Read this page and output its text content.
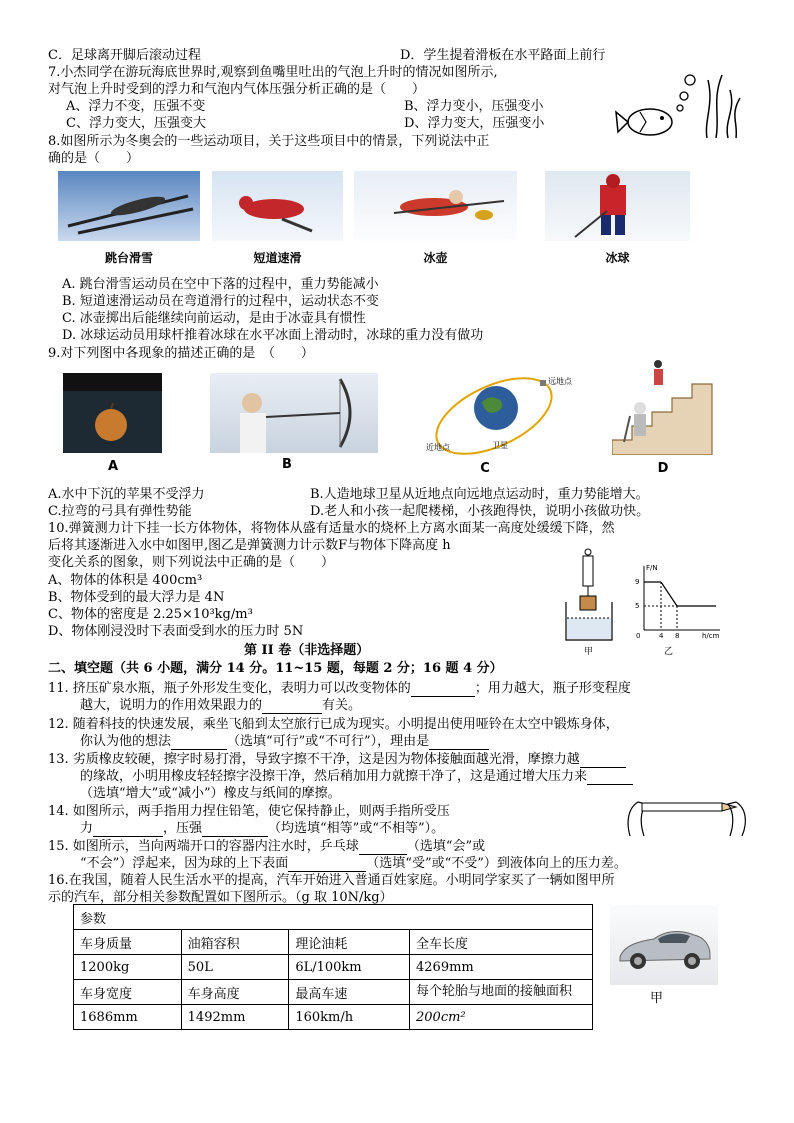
C．足球离开脚后滚动过程	D．学生提着滑板在水平路面上前行
7.小杰同学在游玩海底世界时,观察到鱼嘴里吐出的气泡上升时的情况如图所示,
对气泡上升时受到的浮力和气泡内气体压强分析正确的是（　　）
A、浮力不变，压强不变	B、浮力变小，压强变小
C、浮力变大，压强变大	D、浮力变大，压强变小
8.如图所示为冬奥会的一些运动项目，关于这些项目中的情景，下列说法中正
确的是（　　）
跳台滑雪	短道速滑	冰壶	冰球
A. 跳台滑雪运动员在空中下落的过程中，重力势能减小
B. 短道速滑运动员在弯道滑行的过程中，运动状态不变
C. 冰壶掷出后能继续向前运动，是由于冰壶具有惯性
D. 冰球运动员用球杆推着冰球在水平冰面上滑动时，冰球的重力没有做功
9.对下列图中各现象的描述正确的是　（　　）
远地点
近地点	卫星
A	B	C	D
A.水中下沉的苹果不受浮力	B.人造地球卫星从近地点向远地点运动时，重力势能增大。
C.拉弯的弓具有弹性势能	D.老人和小孩一起爬楼梯，小孩跑得快，说明小孩做功快。
10.弹簧测力计下挂一长方体物体，将物体从盛有适量水的烧杯上方离水面某一高度处缓缓下降，然
后将其逐渐进入水中如图甲,图乙是弹簧测力计示数F与物体下降高度 h
变化关系的图象，则下列说法中正确的是（　　）
A、物体的体积是 400cm³
B、物体受到的最大浮力是 4N
C、物体的密度是 2.25×10³kg/m³
D、物体刚浸没时下表面受到水的压力时 5N
甲
F/N
h/cm
9
5
0	4 8
乙
第 II 卷（非选择题）
二、填空题（共 6 小题，满分 14 分。11~15 题，每题 2 分；16 题 4 分）
11. 挤压矿泉水瓶，瓶子外形发生变化，表明力可以改变物体的	；用力越大，瓶子形变程度
越大，说明力的作用效果跟力的	有关。
12. 随着科技的快速发展，乘坐飞船到太空旅行已成为现实。小明提出使用哑铃在太空中锻炼身体，
你认为他的想法	（选填“可行”或“不可行”），理由是
13. 劣质橡皮较硬，擦字时易打滑，导致字擦不干净，这是因为物体接触面越光滑，摩擦力越
的缘故，小明用橡皮轻轻擦字没擦干净，然后稍加用力就擦干净了，这是通过增大压力来
（选填“增大”或“减小”）橡皮与纸间的摩擦。
14. 如图所示，两手指用力捏住铅笔，使它保持静止，则两手指所受压
力	，压强	（均选填“相等”或“不相等”）。
15. 如图所示，当向两端开口的容器内注水时，乒乓球	（选填“会”或
“不会”）浮起来，因为球的上下表面	（选填“受”或“不受”）到液体向上的压力差。
16.在我国，随着人民生活水平的提高，汽车开始进入普通百姓家庭。小明同学家买了一辆如图甲所
示的汽车，部分相关参数配置如下图所示。（g 取 10N/kg）
参数			
车身质量	油箱容积	理论油耗	全车长度
1200kg	50L	6L/100km	4269mm
车身宽度	车身高度	最高车速	每个轮胎与地面的接触面积
1686mm	1492mm	160km/h	200cm²
甲
